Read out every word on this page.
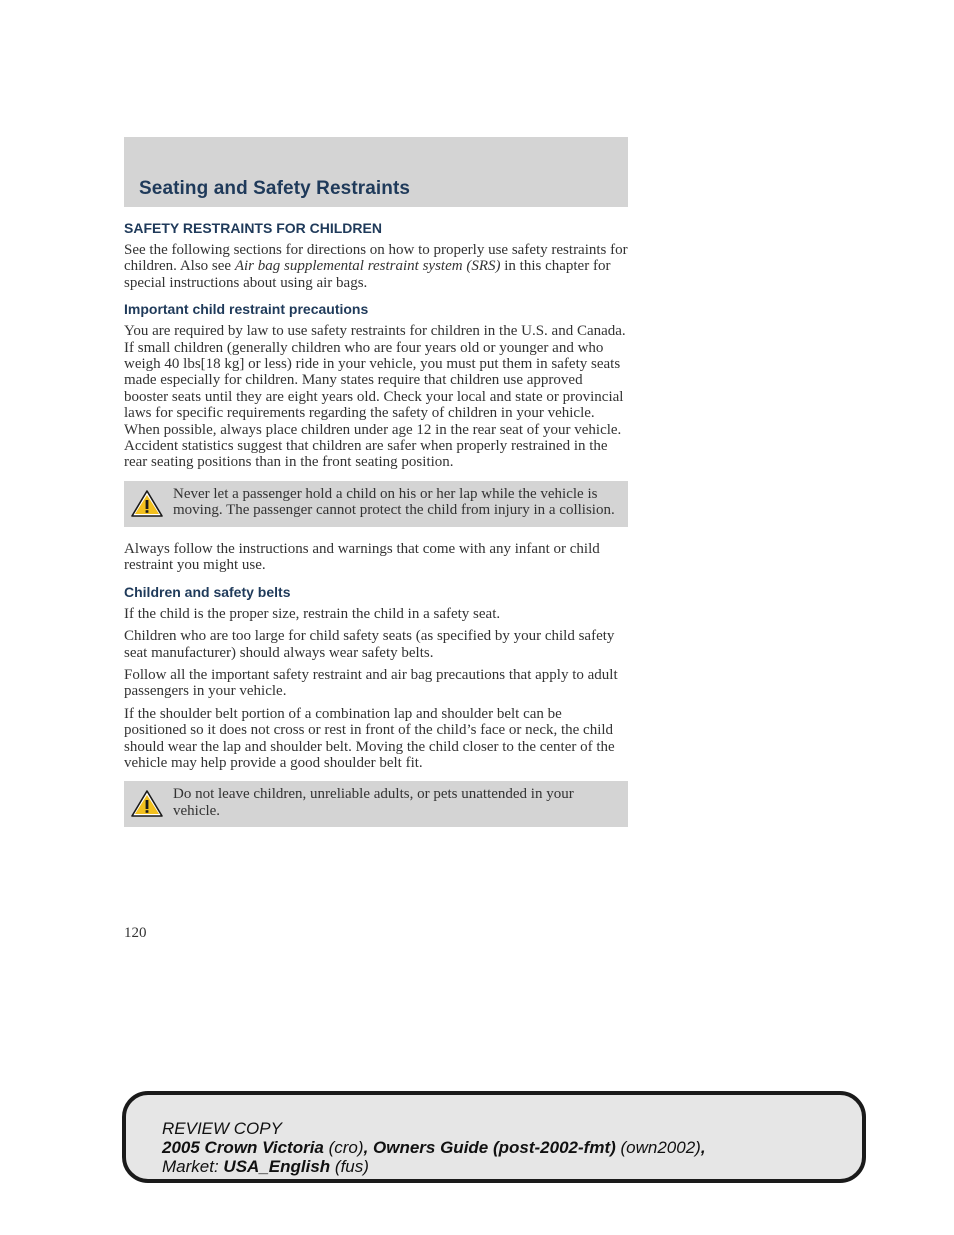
Seating and Safety Restraints
SAFETY RESTRAINTS FOR CHILDREN

See the following sections for directions on how to properly use safety restraints for children. Also see Air bag supplemental restraint system (SRS) in this chapter for special instructions about using air bags.

Important child restraint precautions

You are required by law to use safety restraints for children in the U.S. and Canada. If small children (generally children who are four years old or younger and who weigh 40 lbs[18 kg] or less) ride in your vehicle, you must put them in safety seats made especially for children. Many states require that children use approved booster seats until they are eight years old. Check your local and state or provincial laws for specific requirements regarding the safety of children in your vehicle. When possible, always place children under age 12 in the rear seat of your vehicle. Accident statistics suggest that children are safer when properly restrained in the rear seating positions than in the front seating position.

Never let a passenger hold a child on his or her lap while the vehicle is moving. The passenger cannot protect the child from injury in a collision.

Always follow the instructions and warnings that come with any infant or child restraint you might use.

Children and safety belts

If the child is the proper size, restrain the child in a safety seat.

Children who are too large for child safety seats (as specified by your child safety seat manufacturer) should always wear safety belts.

Follow all the important safety restraint and air bag precautions that apply to adult passengers in your vehicle.

If the shoulder belt portion of a combination lap and shoulder belt can be positioned so it does not cross or rest in front of the child’s face or neck, the child should wear the lap and shoulder belt. Moving the child closer to the center of the vehicle may help provide a good shoulder belt fit.

Do not leave children, unreliable adults, or pets unattended in your vehicle.
120
REVIEW COPY
2005 Crown Victoria (cro), Owners Guide (post-2002-fmt) (own2002),
Market: USA_English (fus)
